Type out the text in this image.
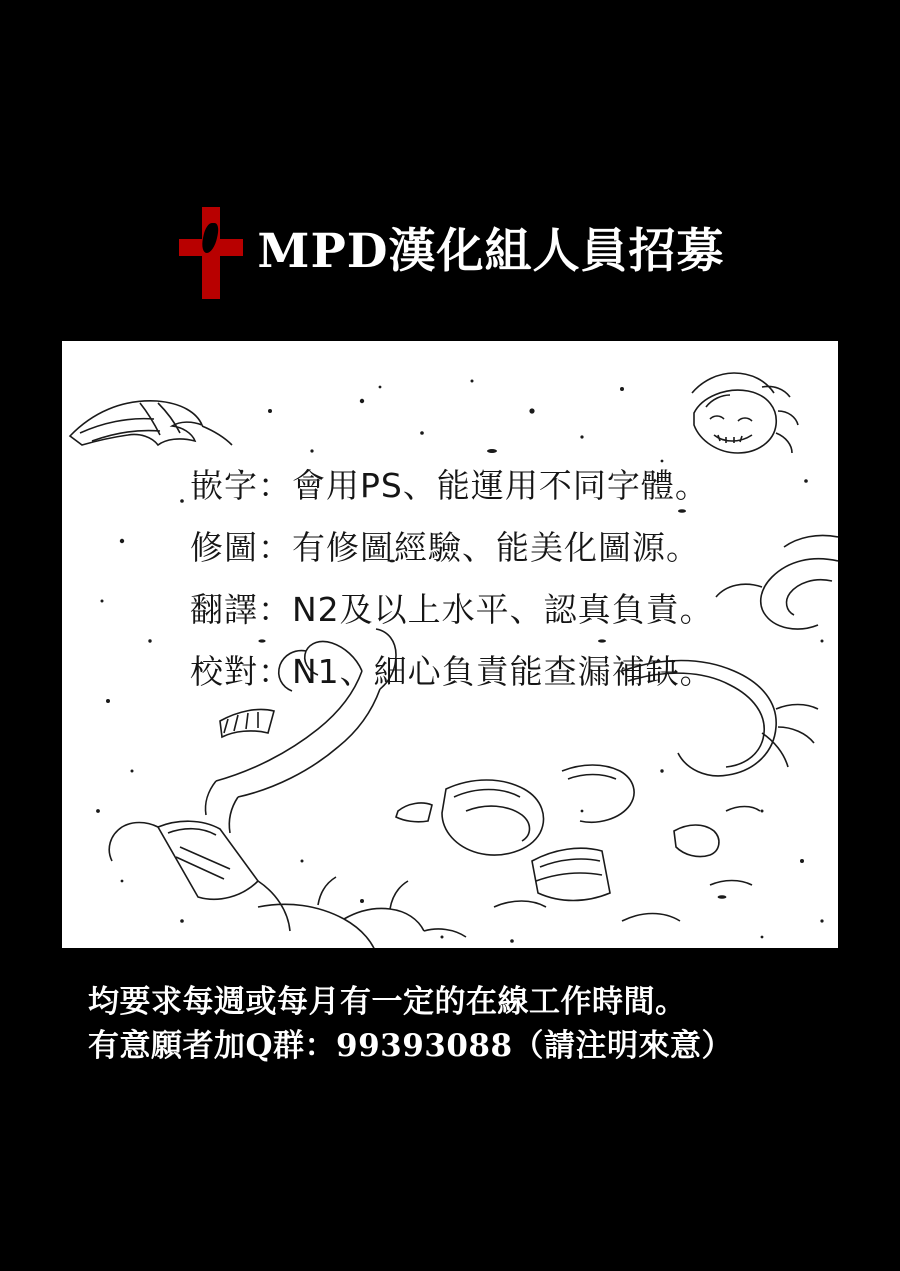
MPD漢化組人員招募
嵌字：會用PS、能運用不同字體。
修圖：有修圖經驗、能美化圖源。
翻譯：N2及以上水平、認真負責。
校對：N1、細心負責能查漏補缺。
均要求每週或每月有一定的在線工作時間。
有意願者加Q群：99393088（請注明來意）
